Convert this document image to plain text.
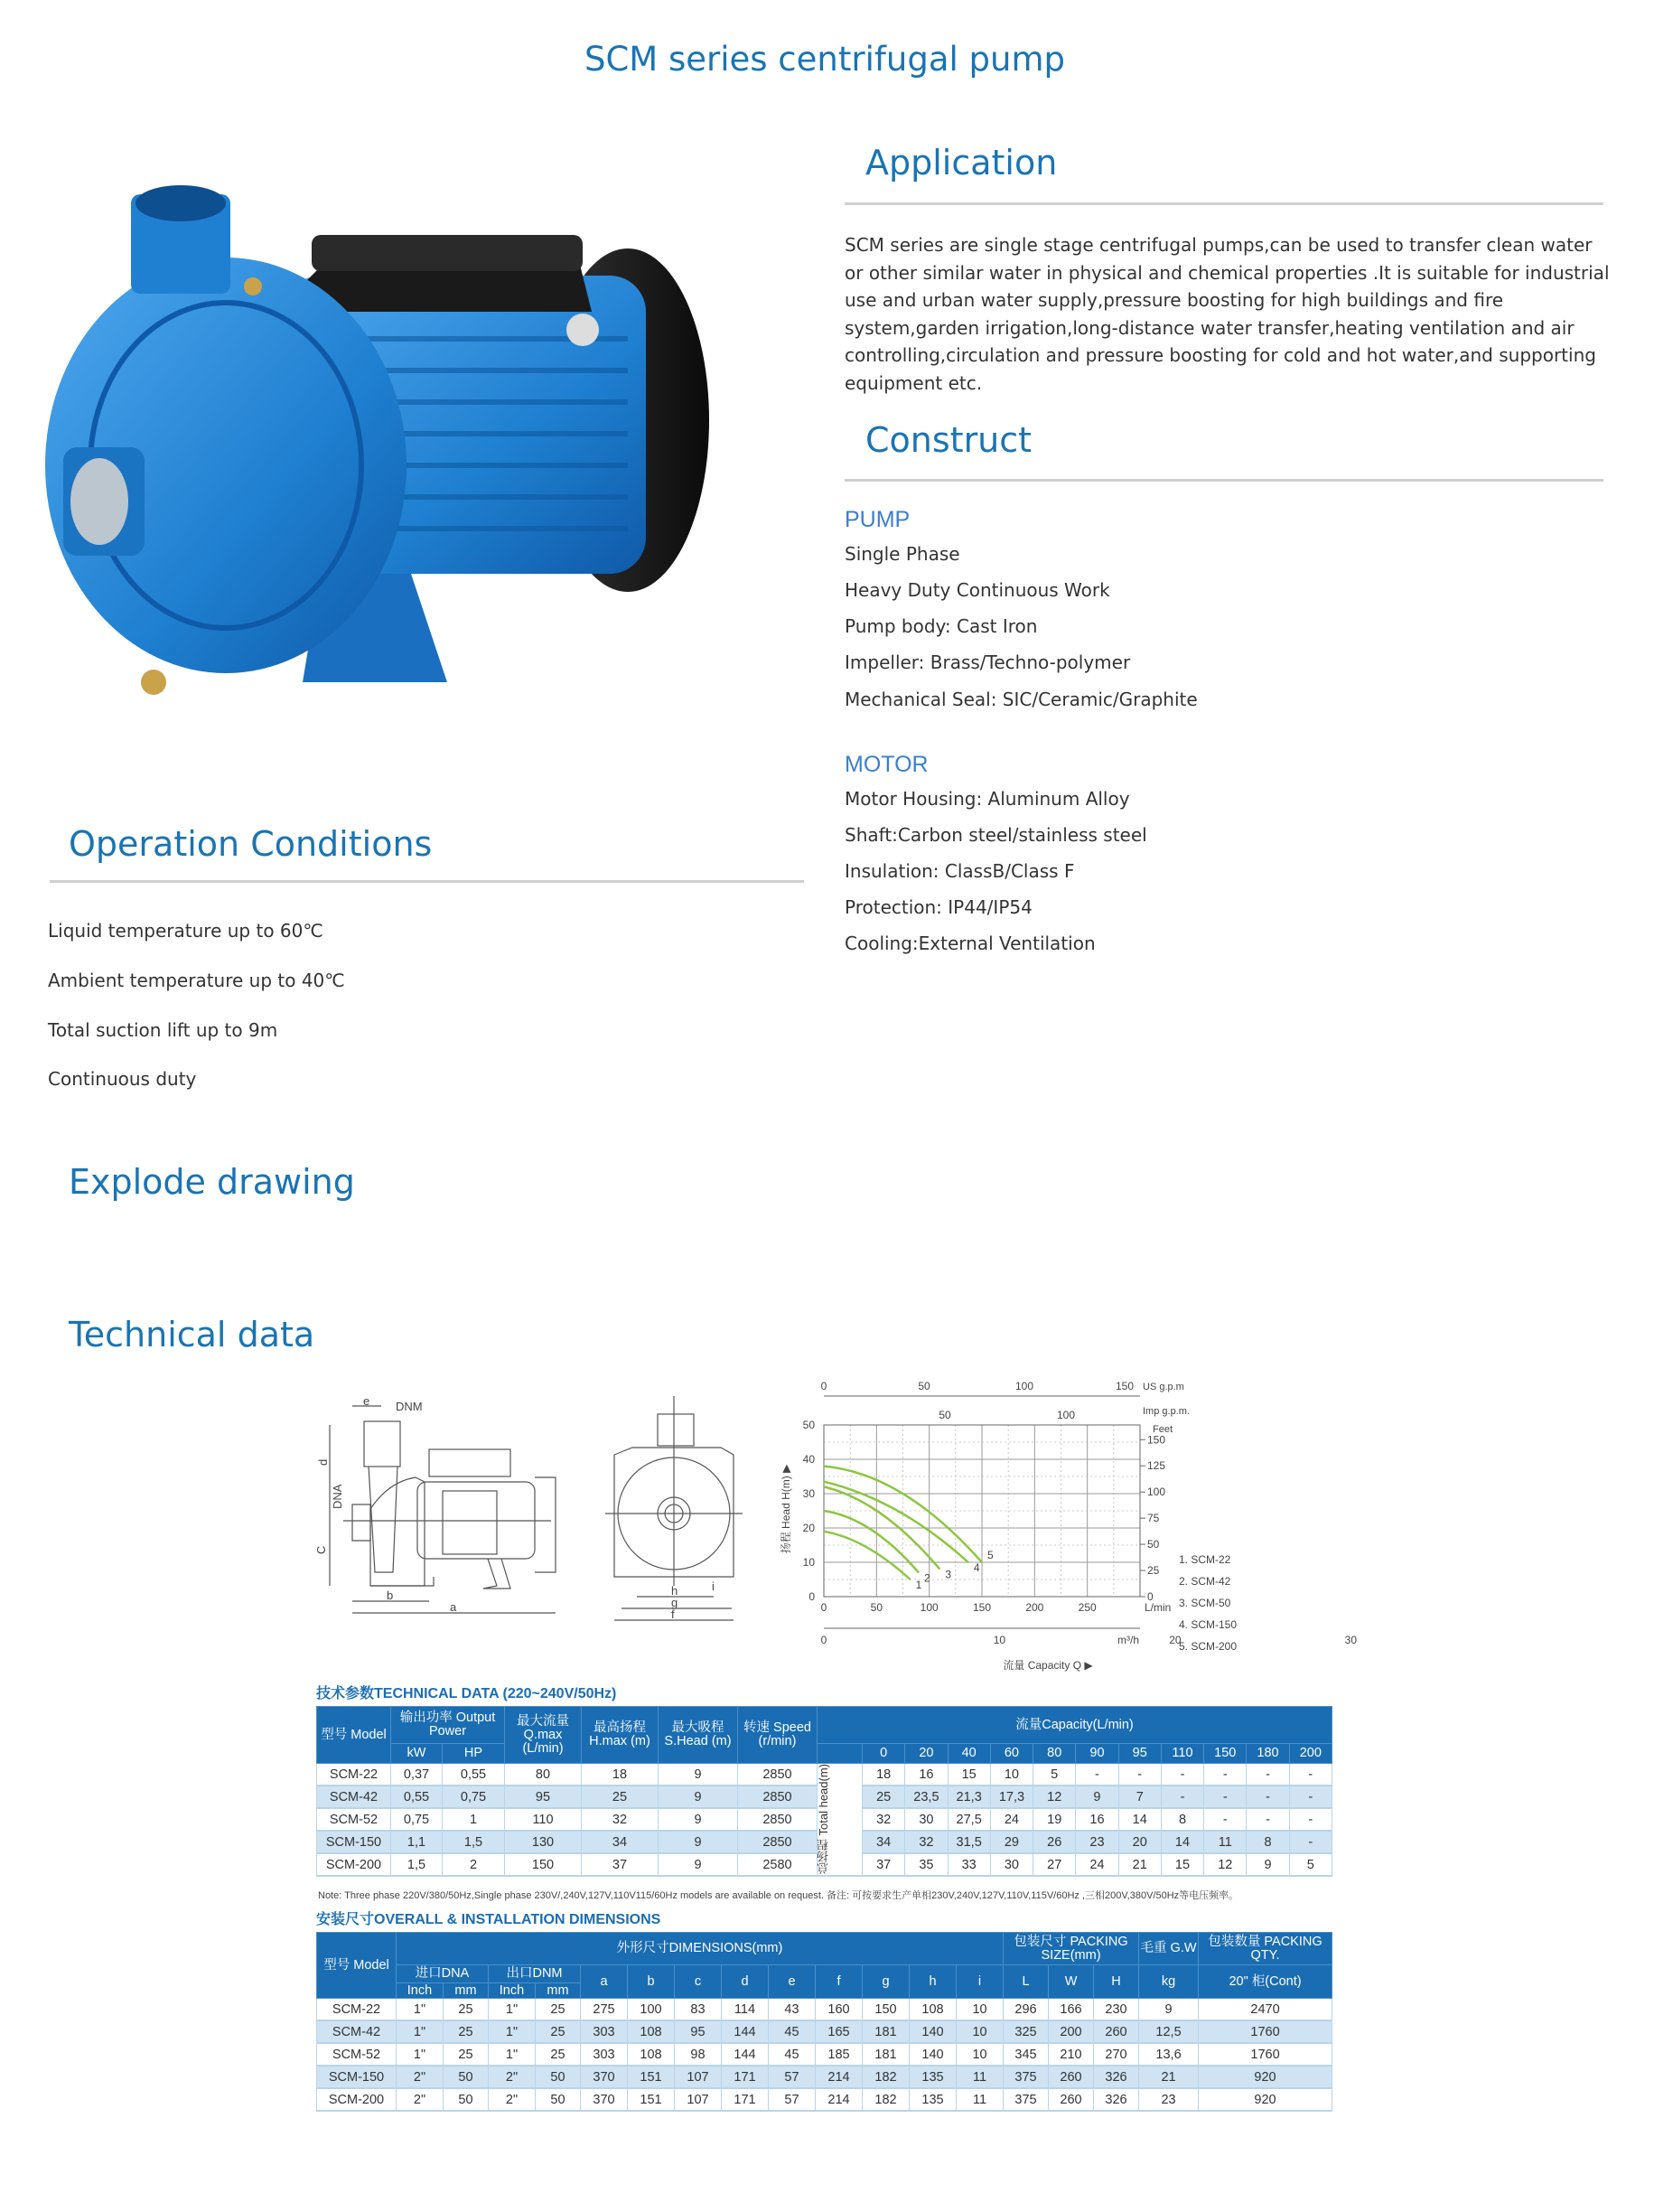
SCM series centrifugal pump
Application
SCM series are single stage centrifugal pumps,can be used to transfer clean water or other similar water in physical and chemical properties .It is suitable for industrial use and urban water supply,pressure boosting for high buildings and fire system,garden irrigation,long-distance water transfer,heating ventilation and air controlling,circulation and pressure boosting for cold and hot water,and supporting equipment etc.
Construct
PUMP
Single Phase
Heavy Duty Continuous Work
Pump body: Cast Iron
Impeller: Brass/Techno-polymer
Mechanical Seal: SIC/Ceramic/Graphite
MOTOR
Motor Housing: Aluminum Alloy
Shaft:Carbon steel/stainless steel
Insulation: ClassB/Class F
Protection: IP44/IP54
Cooling:External Ventilation
Operation Conditions
Liquid temperature up to 60℃
Ambient temperature up to 40℃
Total suction lift up to 9m
Continuous duty
Explode drawing
Technical data
e DNM
d
DNA
C
b
a
h
g
f
i
0	50	100	150	200	250	L/min
0
10
20
30
40
50
0	50	100	150 US g.p.m
50	100	Imp g.p.m.
0
25
50
75
100
125
150
Feet
0	10	20	30
m³/h
流量 Capacity Q ▶
扬程 Head H(m) ▶
1
1. SCM-22
2	2. SCM-42
3
3. SCM-50
4
4. SCM-150
5
5. SCM-200
技术参数TECHNICAL DATA (220~240V/50Hz)
型号 Model	输出功率 Output Power		最大流量 Q.max (L/min)	最高扬程 H.max (m)	最大吸程 S.Head (m)	转速 Speed (r/min)	流量Capacity(L/min)											
	kW	HP						0	20	40	60	80	90	95	110	150	180	200
SCM-22	0,37	0,55	80	18	9	2850	总扬程 Total head(m)	18	16	15	10	5	-	-	-	-	-	-
SCM-42	0,55	0,75	95	25	9	2850		25	23,5	21,3	17,3	12	9	7	-	-	-	-
SCM-52	0,75	1	110	32	9	2850		32	30	27,5	24	19	16	14	8	-	-	-
SCM-150	1,1	1,5	130	34	9	2850		34	32	31,5	29	26	23	20	14	11	8	-
SCM-200	1,5	2	150	37	9	2580		37	35	33	30	27	24	21	15	12	9	5
Note: Three phase 220V/380/50Hz,Single phase 230V/,240V,127V,110V115/60Hz models are available on request. 备注: 可按要求生产单相230V,240V,127V,110V,115V/60Hz ,三相200V,380V/50Hz等电压频率。
安装尺寸OVERALL & INSTALLATION DIMENSIONS
型号 Model	外形尺寸DIMENSIONS(mm)													包装尺寸 PACKING SIZE(mm)			毛重 G.W	包装数量 PACKING QTY.
	进口DNA		出口DNM		a	b	c	d	e	f	g	h	i	L	W	H	kg	20" 柜(Cont)
	Inch	mm	Inch	mm														
SCM-22	1"	25	1"	25	275	100	83	114	43	160	150	108	10	296	166	230	9	2470
SCM-42	1"	25	1"	25	303	108	95	144	45	165	181	140	10	325	200	260	12,5	1760
SCM-52	1"	25	1"	25	303	108	98	144	45	185	181	140	10	345	210	270	13,6	1760
SCM-150	2"	50	2"	50	370	151	107	171	57	214	182	135	11	375	260	326	21	920
SCM-200	2"	50	2"	50	370	151	107	171	57	214	182	135	11	375	260	326	23	920
